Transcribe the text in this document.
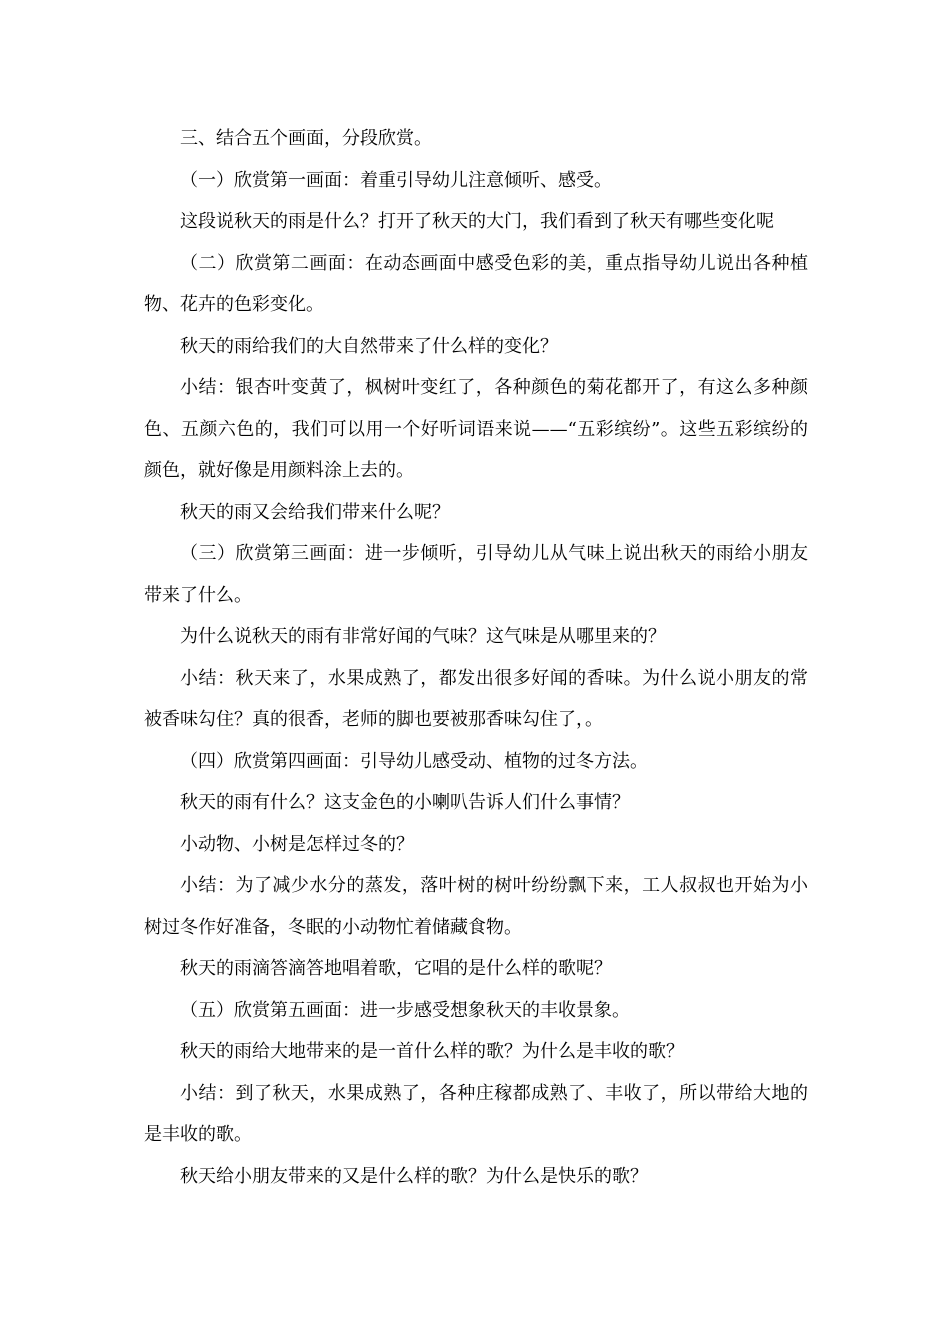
三、结合五个画面，分段欣赏。

（一）欣赏第一画面：着重引导幼儿注意倾听、感受。

这段说秋天的雨是什么？打开了秋天的大门，我们看到了秋天有哪些变化呢

（二）欣赏第二画面：在动态画面中感受色彩的美，重点指导幼儿说出各种植物、花卉的色彩变化。

秋天的雨给我们的大自然带来了什么样的变化？

小结：银杏叶变黄了，枫树叶变红了，各种颜色的菊花都开了，有这么多种颜色、五颜六色的，我们可以用一个好听词语来说——“五彩缤纷”。这些五彩缤纷的颜色，就好像是用颜料涂上去的。

秋天的雨又会给我们带来什么呢？

（三）欣赏第三画面：进一步倾听，引导幼儿从气味上说出秋天的雨给小朋友带来了什么。

为什么说秋天的雨有非常好闻的气味？这气味是从哪里来的？

小结：秋天来了，水果成熟了，都发出很多好闻的香味。为什么说小朋友的常被香味勾住？真的很香，老师的脚也要被那香味勾住了，。

（四）欣赏第四画面：引导幼儿感受动、植物的过冬方法。

秋天的雨有什么？这支金色的小喇叭告诉人们什么事情？

小动物、小树是怎样过冬的？

小结：为了减少水分的蒸发，落叶树的树叶纷纷飘下来，工人叔叔也开始为小树过冬作好准备，冬眠的小动物忙着储藏食物。

秋天的雨滴答滴答地唱着歌，它唱的是什么样的歌呢？

（五）欣赏第五画面：进一步感受想象秋天的丰收景象。

秋天的雨给大地带来的是一首什么样的歌？为什么是丰收的歌？

小结：到了秋天，水果成熟了，各种庄稼都成熟了、丰收了，所以带给大地的是丰收的歌。

秋天给小朋友带来的又是什么样的歌？为什么是快乐的歌？
